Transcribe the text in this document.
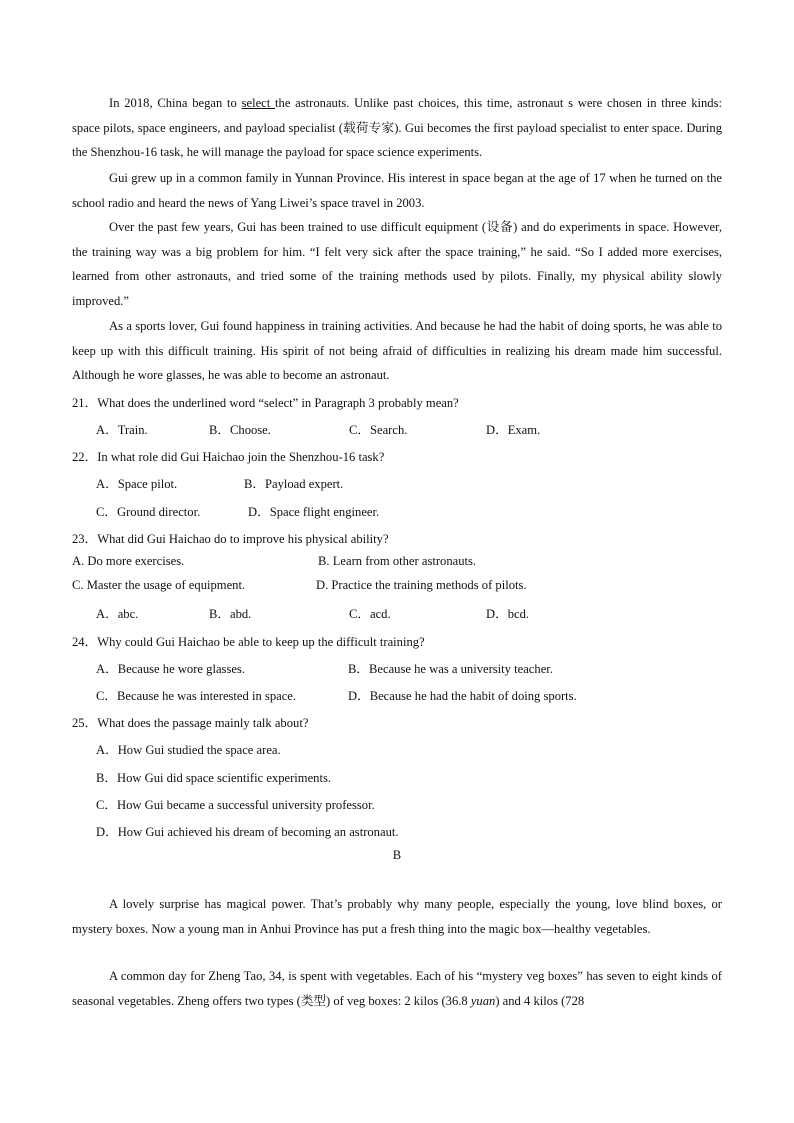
In 2018, China began to select the astronauts. Unlike past choices, this time, astronaut s were chosen in three kinds: space pilots, space engineers, and payload specialist (载荷专家). Gui becomes the first payload specialist to enter space. During the Shenzhou-16 task, he will manage the payload for space science experiments.

Gui grew up in a common family in Yunnan Province. His interest in space began at the age of 17 when he turned on the school radio and heard the news of Yang Liwei’s space travel in 2003.

Over the past few years, Gui has been trained to use difficult equipment (设备) and do experiments in space. However, the training way was a big problem for him. “I felt very sick after the space training,” he said. “So I added more exercises, learned from other astronauts, and tried some of the training methods used by pilots. Finally, my physical ability slowly improved.”

As a sports lover, Gui found happiness in training activities. And because he had the habit of doing sports, he was able to keep up with this difficult training. His spirit of not being afraid of difficulties in realizing his dream made him successful. Although he wore glasses, he was able to become an astronaut.

21．What does the underlined word “select” in Paragraph 3 probably mean?
A．Train.	B．Choose.	C．Search.	D．Exam.
22．In what role did Gui Haichao join the Shenzhou-16 task?
A．Space pilot.	B．Payload expert.
C．Ground director.	D．Space flight engineer.
23．What did Gui Haichao do to improve his physical ability?
A. Do more exercises.	B. Learn from other astronauts.
C. Master the usage of equipment.	D. Practice the training methods of pilots.
A．abc.	B．abd.	C．acd.	D．bcd.
24．Why could Gui Haichao be able to keep up the difficult training?
A．Because he wore glasses.	B．Because he was a university teacher.
C．Because he was interested in space.	D．Because he had the habit of doing sports.
25．What does the passage mainly talk about?
A．How Gui studied the space area.
B．How Gui did space scientific experiments.
C．How Gui became a successful university professor.
D．How Gui achieved his dream of becoming an astronaut.
B

A lovely surprise has magical power. That’s probably why many people, especially the young, love blind boxes, or mystery boxes. Now a young man in Anhui Province has put a fresh thing into the magic box—healthy vegetables.

A common day for Zheng Tao, 34, is spent with vegetables. Each of his “mystery veg boxes” has seven to eight kinds of seasonal vegetables. Zheng offers two types (类型) of veg boxes: 2 kilos (36.8 yuan) and 4 kilos (728
